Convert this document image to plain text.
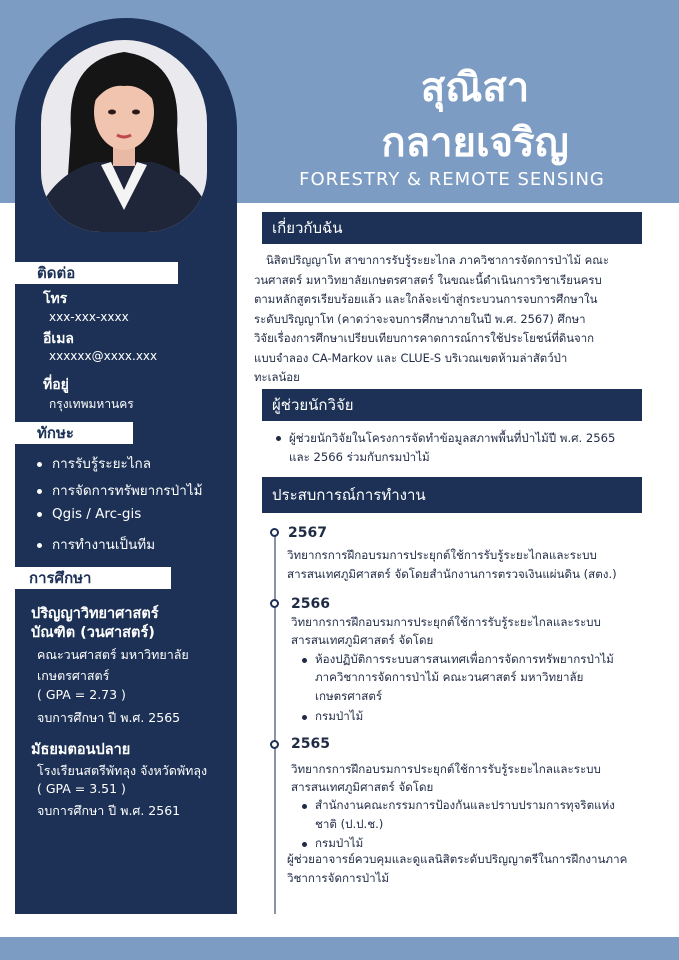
ติดต่อ
โทร
xxx-xxx-xxxx
อีเมล
xxxxxx@xxxx.xxx
ที่อยู่
กรุงเทพมหานคร
ทักษะ
การรับรู้ระยะไกล
การจัดการทรัพยากรป่าไม้
Qgis / Arc-gis
การทำงานเป็นทีม
การศึกษา
ปริญญาวิทยาศาสตร์
บัณฑิต (วนศาสตร์)
คณะวนศาสตร์ มหาวิทยาลัย
เกษตรศาสตร์
( GPA = 2.73 )
จบการศึกษา ปี พ.ศ. 2565
มัธยมตอนปลาย
โรงเรียนสตรีพัทลุง จังหวัดพัทลุง
( GPA = 3.51 )
จบการศึกษา ปี พ.ศ. 2561
สุณิสา
กลายเจริญ
FORESTRY & REMOTE SENSING
เกี่ยวกับฉัน
นิสิตปริญญาโท สาขาการรับรู้ระยะไกล ภาควิชาการจัดการป่าไม้ คณะ
วนศาสตร์ มหาวิทยาลัยเกษตรศาสตร์ ในขณะนี้ดำเนินการวิชาเรียนครบ
ตามหลักสูตรเรียบร้อยแล้ว และใกล้จะเข้าสู่กระบวนการจบการศึกษาใน
ระดับปริญญาโท (คาดว่าจะจบการศึกษาภายในปี พ.ศ. 2567) ศึกษา
วิจัยเรื่องการศึกษาเปรียบเทียบการคาดการณ์การใช้ประโยชน์ที่ดินจาก
แบบจำลอง CA-Markov และ CLUE-S บริเวณเขตห้ามล่าสัตว์ป่า
ทะเลน้อย
ผู้ช่วยนักวิจัย
ผู้ช่วยนักวิจัยในโครงการจัดทำข้อมูลสภาพพื้นที่ป่าไม้ปี พ.ศ. 2565
และ 2566 ร่วมกับกรมป่าไม้
ประสบการณ์การทำงาน
2567
วิทยากรการฝึกอบรมการประยุกต์ใช้การรับรู้ระยะไกลและระบบ
สารสนเทศภูมิศาสตร์ จัดโดยสำนักงานการตรวจเงินแผ่นดิน (สตง.)
2566
วิทยากรการฝึกอบรมการประยุกต์ใช้การรับรู้ระยะไกลและระบบ
สารสนเทศภูมิศาสตร์ จัดโดย
ห้องปฏิบัติการระบบสารสนเทศเพื่อการจัดการทรัพยากรป่าไม้
ภาควิชาการจัดการป่าไม้ คณะวนศาสตร์ มหาวิทยาลัย
เกษตรศาสตร์
กรมป่าไม้
2565
วิทยากรการฝึกอบรมการประยุกต์ใช้การรับรู้ระยะไกลและระบบ
สารสนเทศภูมิศาสตร์ จัดโดย
สำนักงานคณะกรรมการป้องกันและปราบปรามการทุจริตแห่ง
ชาติ (ป.ป.ช.)
กรมป่าไม้
ผู้ช่วยอาจารย์ควบคุมและดูแลนิสิตระดับปริญญาตรีในการฝึกงานภาค
วิชาการจัดการป่าไม้
